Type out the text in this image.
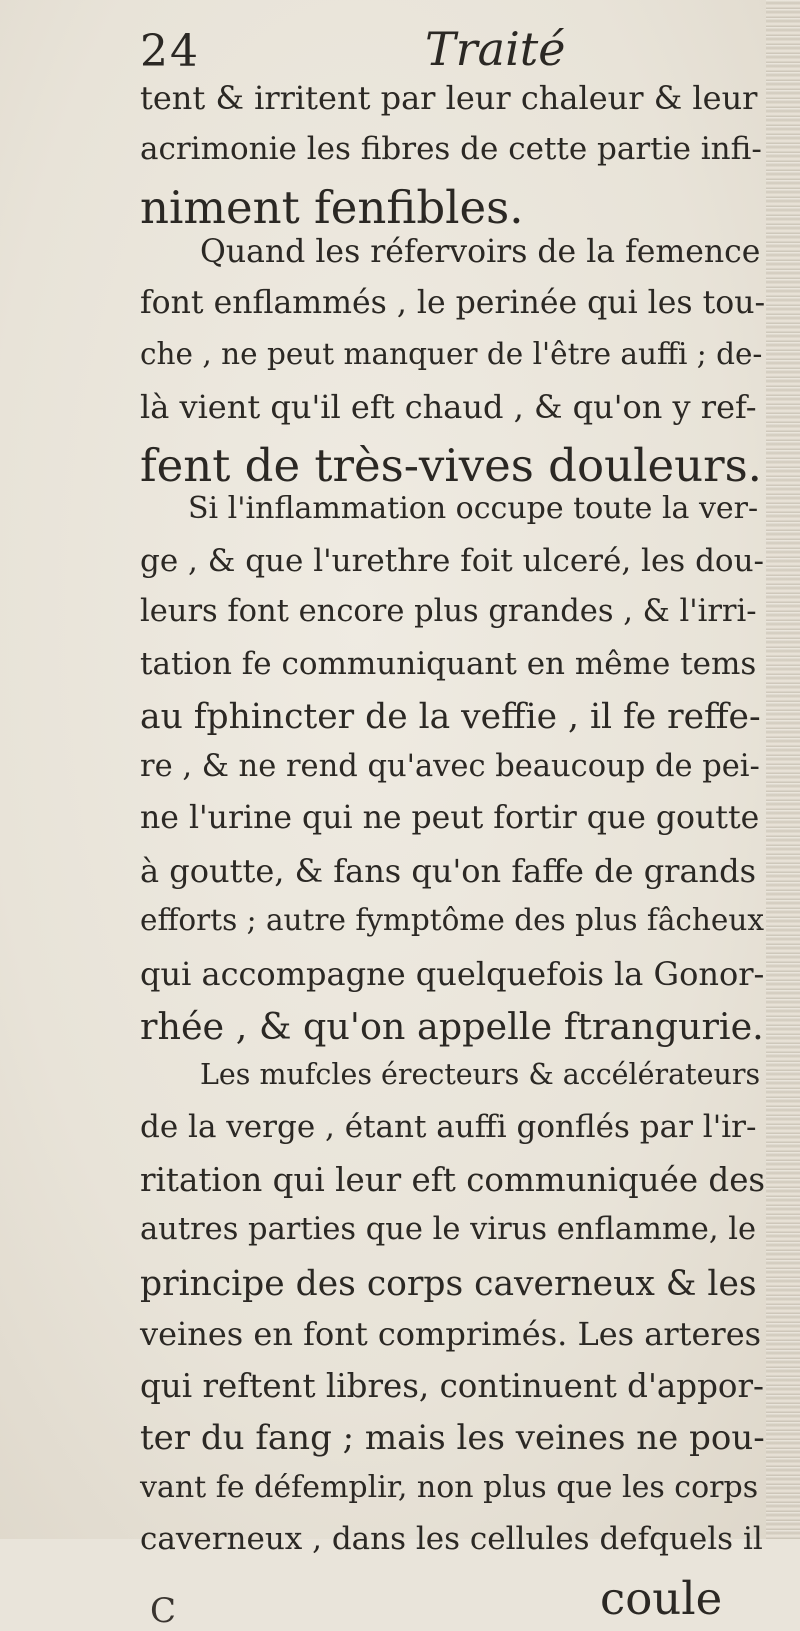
24	Traité
tent & irritent par leur chaleur & leur
acrimonie les fibres de cette partie infi-
niment fenfibles.
Quand les réfervoirs de la femence
font enflammés , le perinée qui les tou-
che , ne peut manquer de l'être auffi ; de-
là vient qu'il eft chaud , & qu'on y ref-
fent de très-vives douleurs.
Si l'inflammation occupe toute la ver-
ge , & que l'urethre foit ulceré, les dou-
leurs font encore plus grandes , & l'irri-
tation fe communiquant en même tems
au fphincter de la veffie , il fe reffe-
re , & ne rend qu'avec beaucoup de pei-
ne l'urine qui ne peut fortir que goutte
à goutte, & fans qu'on faffe de grands
efforts ; autre fymptôme des plus fâcheux
qui accompagne quelquefois la Gonor-
rhée , & qu'on appelle ftrangurie.
Les mufcles érecteurs & accélérateurs
de la verge , étant auffi gonflés par l'ir-
ritation qui leur eft communiquée des
autres parties que le virus enflamme, le
principe des corps caverneux & les
veines en font comprimés. Les arteres
qui reftent libres, continuent d'appor-
ter du fang ; mais les veines ne pou-
vant fe défemplir, non plus que les corps
caverneux , dans les cellules defquels il
coule
C
